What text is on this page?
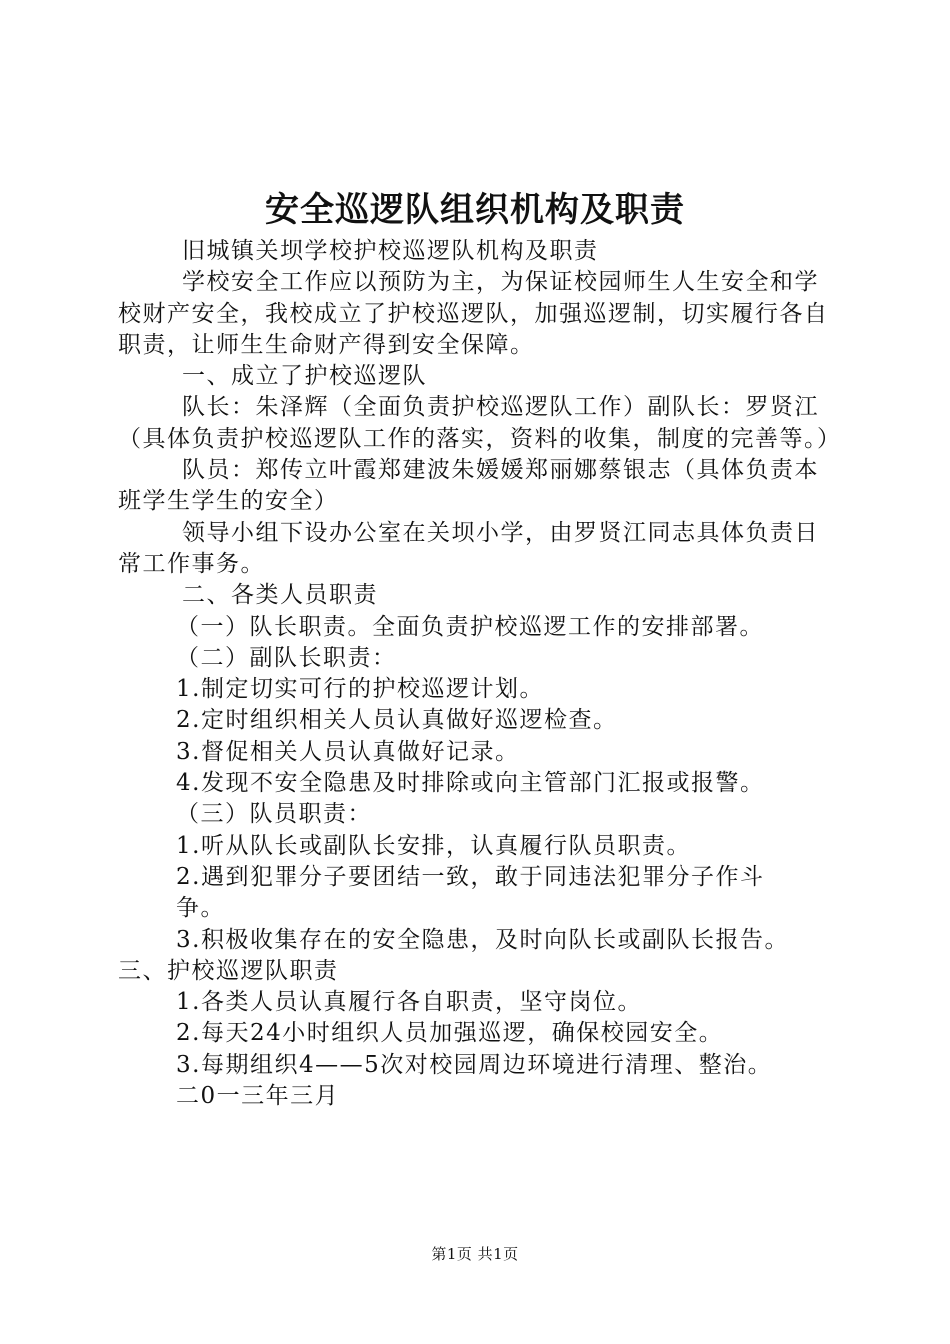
安全巡逻队组织机构及职责

旧城镇关坝学校护校巡逻队机构及职责

学校安全工作应以预防为主，为保证校园师生人生安全和学校财产安全，我校成立了护校巡逻队，加强巡逻制，切实履行各自职责，让师生生命财产得到安全保障。

一、成立了护校巡逻队

队长：朱泽辉（全面负责护校巡逻队工作）副队长：罗贤江（具体负责护校巡逻队工作的落实，资料的收集，制度的完善等。）

队员：郑传立叶霞郑建波朱媛媛郑丽娜蔡银志（具体负责本班学生学生的安全）

领导小组下设办公室在关坝小学，由罗贤江同志具体负责日常工作事务。

二、各类人员职责

（一）队长职责。全面负责护校巡逻工作的安排部署。

（二）副队长职责：

1.制定切实可行的护校巡逻计划。

2.定时组织相关人员认真做好巡逻检查。

3.督促相关人员认真做好记录。

4.发现不安全隐患及时排除或向主管部门汇报或报警。

（三）队员职责：

1.听从队长或副队长安排，认真履行队员职责。

2.遇到犯罪分子要团结一致，敢于同违法犯罪分子作斗争。

3.积极收集存在的安全隐患，及时向队长或副队长报告。

三、护校巡逻队职责

1.各类人员认真履行各自职责，坚守岗位。

2.每天24小时组织人员加强巡逻，确保校园安全。

3.每期组织4——5次对校园周边环境进行清理、整治。

二0一三年三月

第1页 共1页
